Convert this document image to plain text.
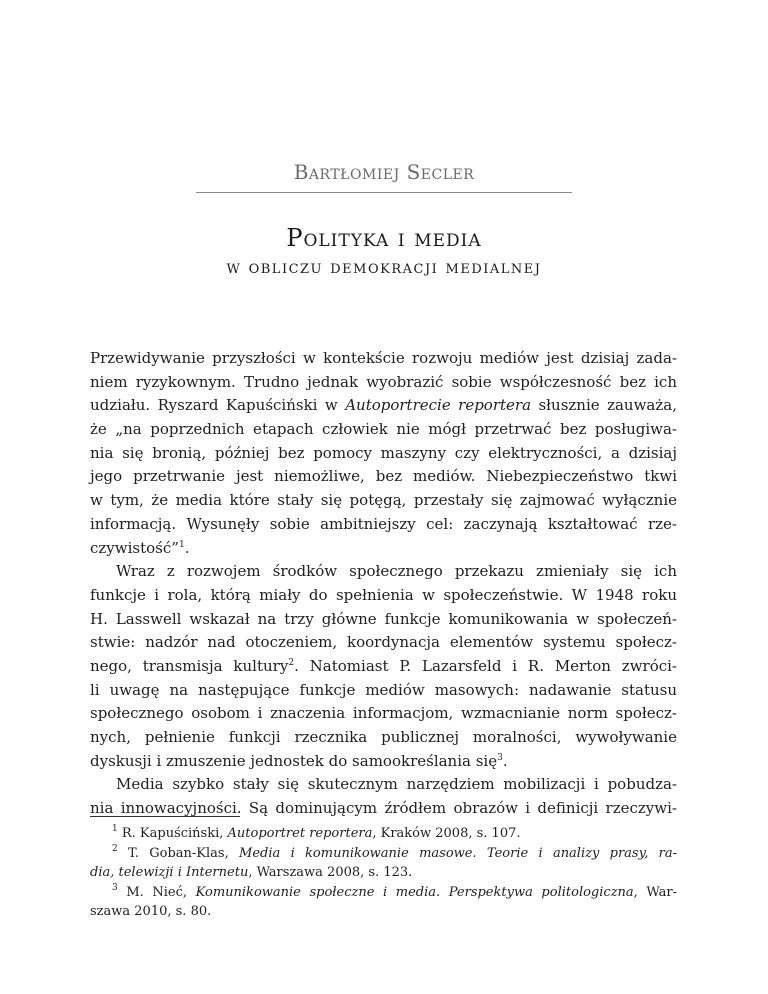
Bartłomiej Secler
Polityka i media
w obliczu demokracji medialnej
Przewidywanie przyszłości w kontekście rozwoju mediów jest dzisiaj zada-
niem ryzykownym. Trudno jednak wyobrazić sobie współczesność bez ich
udziału. Ryszard Kapuściński w Autoportrecie reportera słusznie zauważa,
że „na poprzednich etapach człowiek nie mógł przetrwać bez posługiwa-
nia się bronią, później bez pomocy maszyny czy elektryczności, a dzisiaj
jego przetrwanie jest niemożliwe, bez mediów. Niebezpieczeństwo tkwi
w tym, że media które stały się potęgą, przestały się zajmować wyłącznie
informacją. Wysunęły sobie ambitniejszy cel: zaczynają kształtować rze-
czywistość”$^1$.
Wraz z rozwojem środków społecznego przekazu zmieniały się ich
funkcje i rola, którą miały do spełnienia w społeczeństwie. W 1948 roku
H. Lasswell wskazał na trzy główne funkcje komunikowania w społeczeń-
stwie: nadzór nad otoczeniem, koordynacja elementów systemu społecz-
nego, transmisja kultury$^2$. Natomiast P. Lazarsfeld i R. Merton zwróci-
li uwagę na następujące funkcje mediów masowych: nadawanie statusu
społecznego osobom i znaczenia informacjom, wzmacnianie norm społecz-
nych, pełnienie funkcji rzecznika publicznej moralności, wywoływanie
dyskusji i zmuszenie jednostek do samookreślania się$^3$.
Media szybko stały się skutecznym narzędziem mobilizacji i pobudza-
nia innowacyjności. Są dominującym źródłem obrazów i definicji rzeczywi-
$^1$ R. Kapuściński, Autoportret reportera, Kraków 2008, s. 107.
$^2$ T. Goban-Klas, Media i komunikowanie masowe. Teorie i analizy prasy, ra-
dia, telewizji i Internetu, Warszawa 2008, s. 123.
$^3$ M. Nieć, Komunikowanie społeczne i media. Perspektywa politologiczna, War-
szawa 2010, s. 80.
